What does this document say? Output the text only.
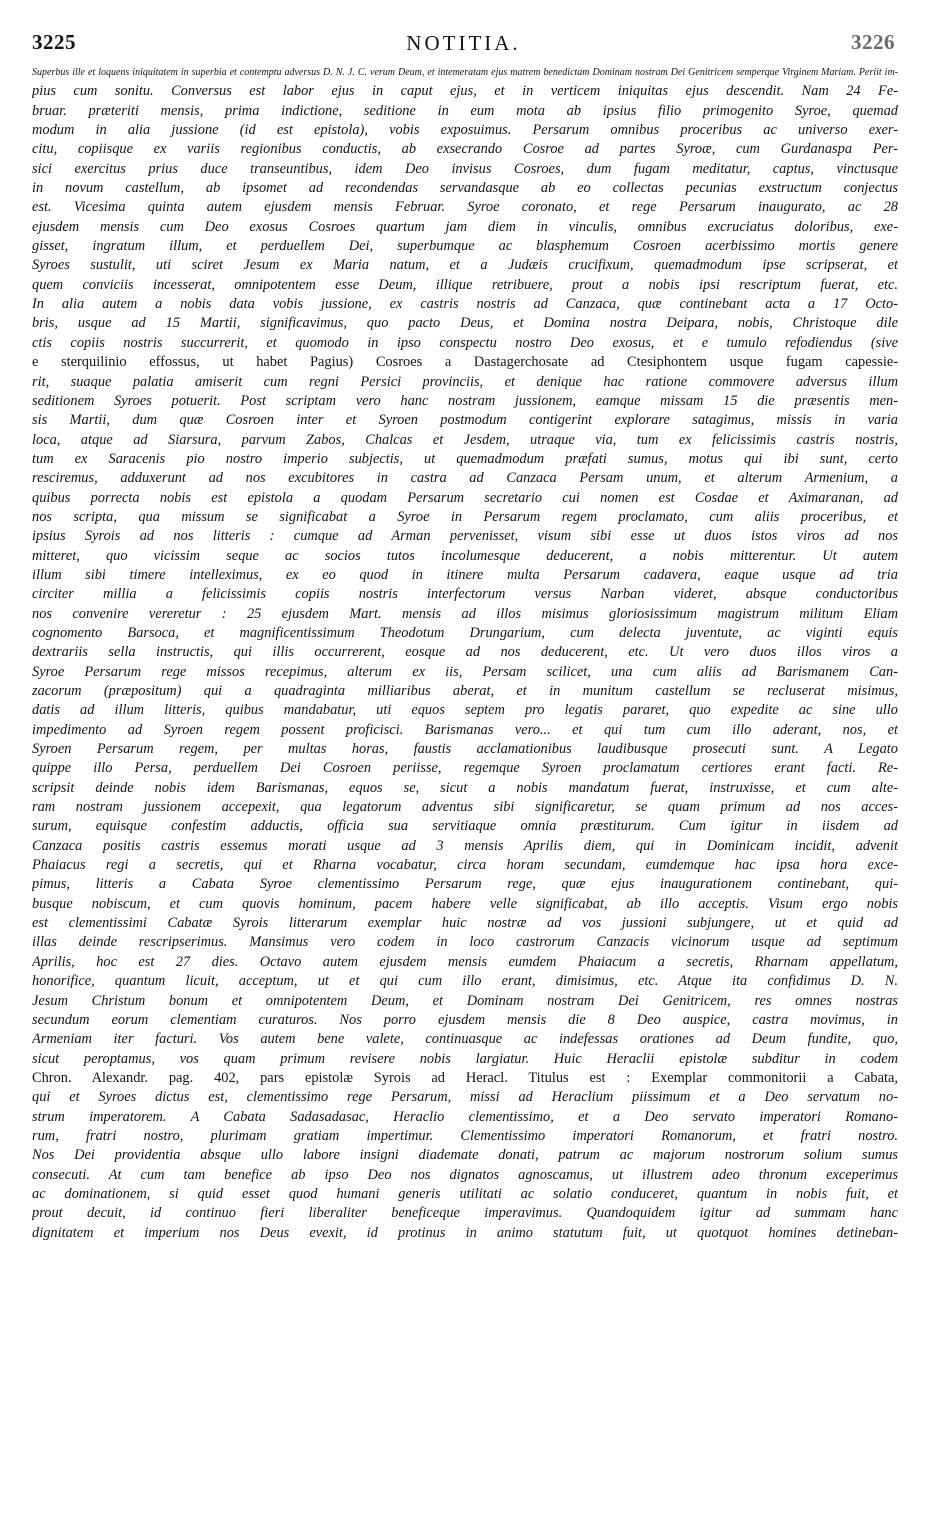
3225	NOTITIA.	3226
Superbus ille et loquens iniquitatem in superbia et contemptu adversus D. N. J. C. verum Deum, et intemeratam ejus matrem benedictam Dominam nostram Dei Genitricem semperque Virginem Mariam. Periit im-
pius cum sonitu. Conversus est labor ejus in caput ejus, et in verticem iniquitas ejus descendit. Nam 24 Fe-
bruar. præteriti mensis, prima indictione, seditione in eum mota ab ipsius filio primogenito Syroe, quemad
modum in alia jussione (id est epistola), vobis exposuimus. Persarum omnibus proceribus ac universo exer-
citu, copiisque ex variis regionibus conductis, ab exsecrando Cosroe ad partes Syroæ, cum Gurdanaspa Per-
sici exercitus prius duce transeuntibus, idem Deo invisus Cosroes, dum fugam meditatur, captus, vinctusque
in novum castellum, ab ipsomet ad recondendas servandasque ab eo collectas pecunias exstructum conjectus
est. Vicesima quinta autem ejusdem mensis Februar. Syroe coronato, et rege Persarum inaugurato, ac 28
ejusdem mensis cum Deo exosus Cosroes quartum jam diem in vinculis, omnibus excruciatus doloribus, exe-
gisset, ingratum illum, et perduellem Dei, superbumque ac blasphemum Cosroen acerbissimo mortis genere
Syroes sustulit, uti sciret Jesum ex Maria natum, et a Judæis crucifixum, quemadmodum ipse scripserat, et
quem conviciis incesserat, omnipotentem esse Deum, illique retribuere, prout a nobis ipsi rescriptum fuerat, etc.
In alia autem a nobis data vobis jussione, ex castris nostris ad Canzaca, quæ continebant acta a 17 Octo-
bris, usque ad 15 Martii, significavimus, quo pacto Deus, et Domina nostra Deipara, nobis, Christoque dile
ctis copiis nostris succurrerit, et quomodo in ipso conspectu nostro Deo exosus, et e tumulo refodiendus (sive
e sterquilinio effossus, ut habet Pagius) Cosroes a Dastagerchosate ad Ctesiphontem usque fugam capessie-
rit, suaque palatia amiserit cum regni Persici provinciis, et denique hac ratione commovere adversus illum
seditionem Syroes potuerit. Post scriptam vero hanc nostram jussionem, eamque missam 15 die præsentis men-
sis Martii, dum quæ Cosroen inter et Syroen postmodum contigerint explorare satagimus, missis in varia
loca, atque ad Siarsura, parvum Zabos, Chalcas et Jesdem, utraque via, tum ex felicissimis castris nostris,
tum ex Saracenis pio nostro imperio subjectis, ut quemadmodum præfati sumus, motus qui ibi sunt, certo
resciremus, adduxerunt ad nos excubitores in castra ad Canzaca Persam unum, et alterum Armenium, a
quibus porrecta nobis est epistola a quodam Persarum secretario cui nomen est Cosdae et Aximaranan, ad
nos scripta, qua missum se significabat a Syroe in Persarum regem proclamato, cum aliis proceribus, et
ipsius Syrois ad nos litteris : cumque ad Arman pervenisset, visum sibi esse ut duos istos viros ad nos
mitteret, quo vicissim seque ac socios tutos incolumesque deducerent, a nobis mitterentur. Ut autem
illum sibi timere intelleximus, ex eo quod in itinere multa Persarum cadavera, eaque usque ad tria
circiter millia a felicissimis copiis nostris interfectorum versus Narban videret, absque conductoribus
nos convenire vereretur : 25 ejusdem Mart. mensis ad illos misimus gloriosissimum magistrum militum Eliam
cognomento Barsoca, et magnificentissimum Theodotum Drungarium, cum delecta juventute, ac viginti equis
dextrariis sella instructis, qui illis occurrerent, eosque ad nos deducerent, etc. Ut vero duos illos viros a
Syroe Persarum rege missos recepimus, alterum ex iis, Persam scilicet, una cum aliis ad Barismanem Can-
zacorum (præpositum) qui a quadraginta milliaribus aberat, et in munitum castellum se recluserat misimus,
datis ad illum litteris, quibus mandabatur, uti equos septem pro legatis pararet, quo expedite ac sine ullo
impedimento ad Syroen regem possent proficisci. Barismanas vero... et qui tum cum illo aderant, nos, et
Syroen Persarum regem, per multas horas, faustis acclamationibus laudibusque prosecuti sunt. A Legato
quippe illo Persa, perduellem Dei Cosroen periisse, regemque Syroen proclamatum certiores erant facti. Re-
scripsit deinde nobis idem Barismanas, equos se, sicut a nobis mandatum fuerat, instruxisse, et cum alte-
ram nostram jussionem accepexit, qua legatorum adventus sibi significaretur, se quam primum ad nos acces-
surum, equisque confestim adductis, officia sua servitiaque omnia præstiturum. Cum igitur in iisdem ad
Canzaca positis castris essemus morati usque ad 3 mensis Aprilis diem, qui in Dominicam incidit, advenit
Phaiacus regi a secretis, qui et Rharna vocabatur, circa horam secundam, eumdemque hac ipsa hora exce-
pimus, litteris a Cabata Syroe clementissimo Persarum rege, quæ ejus inaugurationem continebant, qui-
busque nobiscum, et cum quovis hominum, pacem habere velle significabat, ab illo acceptis. Visum ergo nobis
est clementissimi Cabatæ Syrois litterarum exemplar huic nostræ ad vos jussioni subjungere, ut et quid ad
illas deinde rescripserimus. Mansimus vero codem in loco castrorum Canzacis vicinorum usque ad septimum
Aprilis, hoc est 27 dies. Octavo autem ejusdem mensis eumdem Phaiacum a secretis, Rharnam appellatum,
honorifice, quantum licuit, acceptum, ut et qui cum illo erant, dimisimus, etc. Atque ita confidimus D. N.
Jesum Christum bonum et omnipotentem Deum, et Dominam nostram Dei Genitricem, res omnes nostras
secundum eorum clementiam curaturos. Nos porro ejusdem mensis die 8 Deo auspice, castra movimus, in
Armeniam iter facturi. Vos autem bene valete, continuasque ac indefessas orationes ad Deum fundite, quo,
sicut peroptamus, vos quam primum revisere nobis largiatur. Huic Heraclii epistolæ subditur in codem
Chron. Alexandr. pag. 402, pars epistolæ Syrois ad Heracl. Titulus est : Exemplar commonitorii a Cabata,
qui et Syroes dictus est, clementissimo rege Persarum, missi ad Heraclium piissimum et a Deo servatum no-
strum imperatorem. A Cabata Sadasadasac, Heraclio clementissimo, et a Deo servato imperatori Romano-
rum, fratri nostro, plurimam gratiam impertimur. Clementissimo imperatori Romanorum, et fratri nostro.
Nos Dei providentia absque ullo labore insigni diademate donati, patrum ac majorum nostrorum solium sumus
consecuti. At cum tam benefice ab ipso Deo nos dignatos agnoscamus, ut illustrem adeo thronum exceperimus
ac dominationem, si quid esset quod humani generis utilitati ac solatio conduceret, quantum in nobis fuit, et
prout decuit, id continuo fieri liberaliter beneficeque imperavimus. Quandoquidem igitur ad summam hanc
dignitatem et imperium nos Deus evexit, id protinus in animo statutum fuit, ut quotquot homines detineban-
